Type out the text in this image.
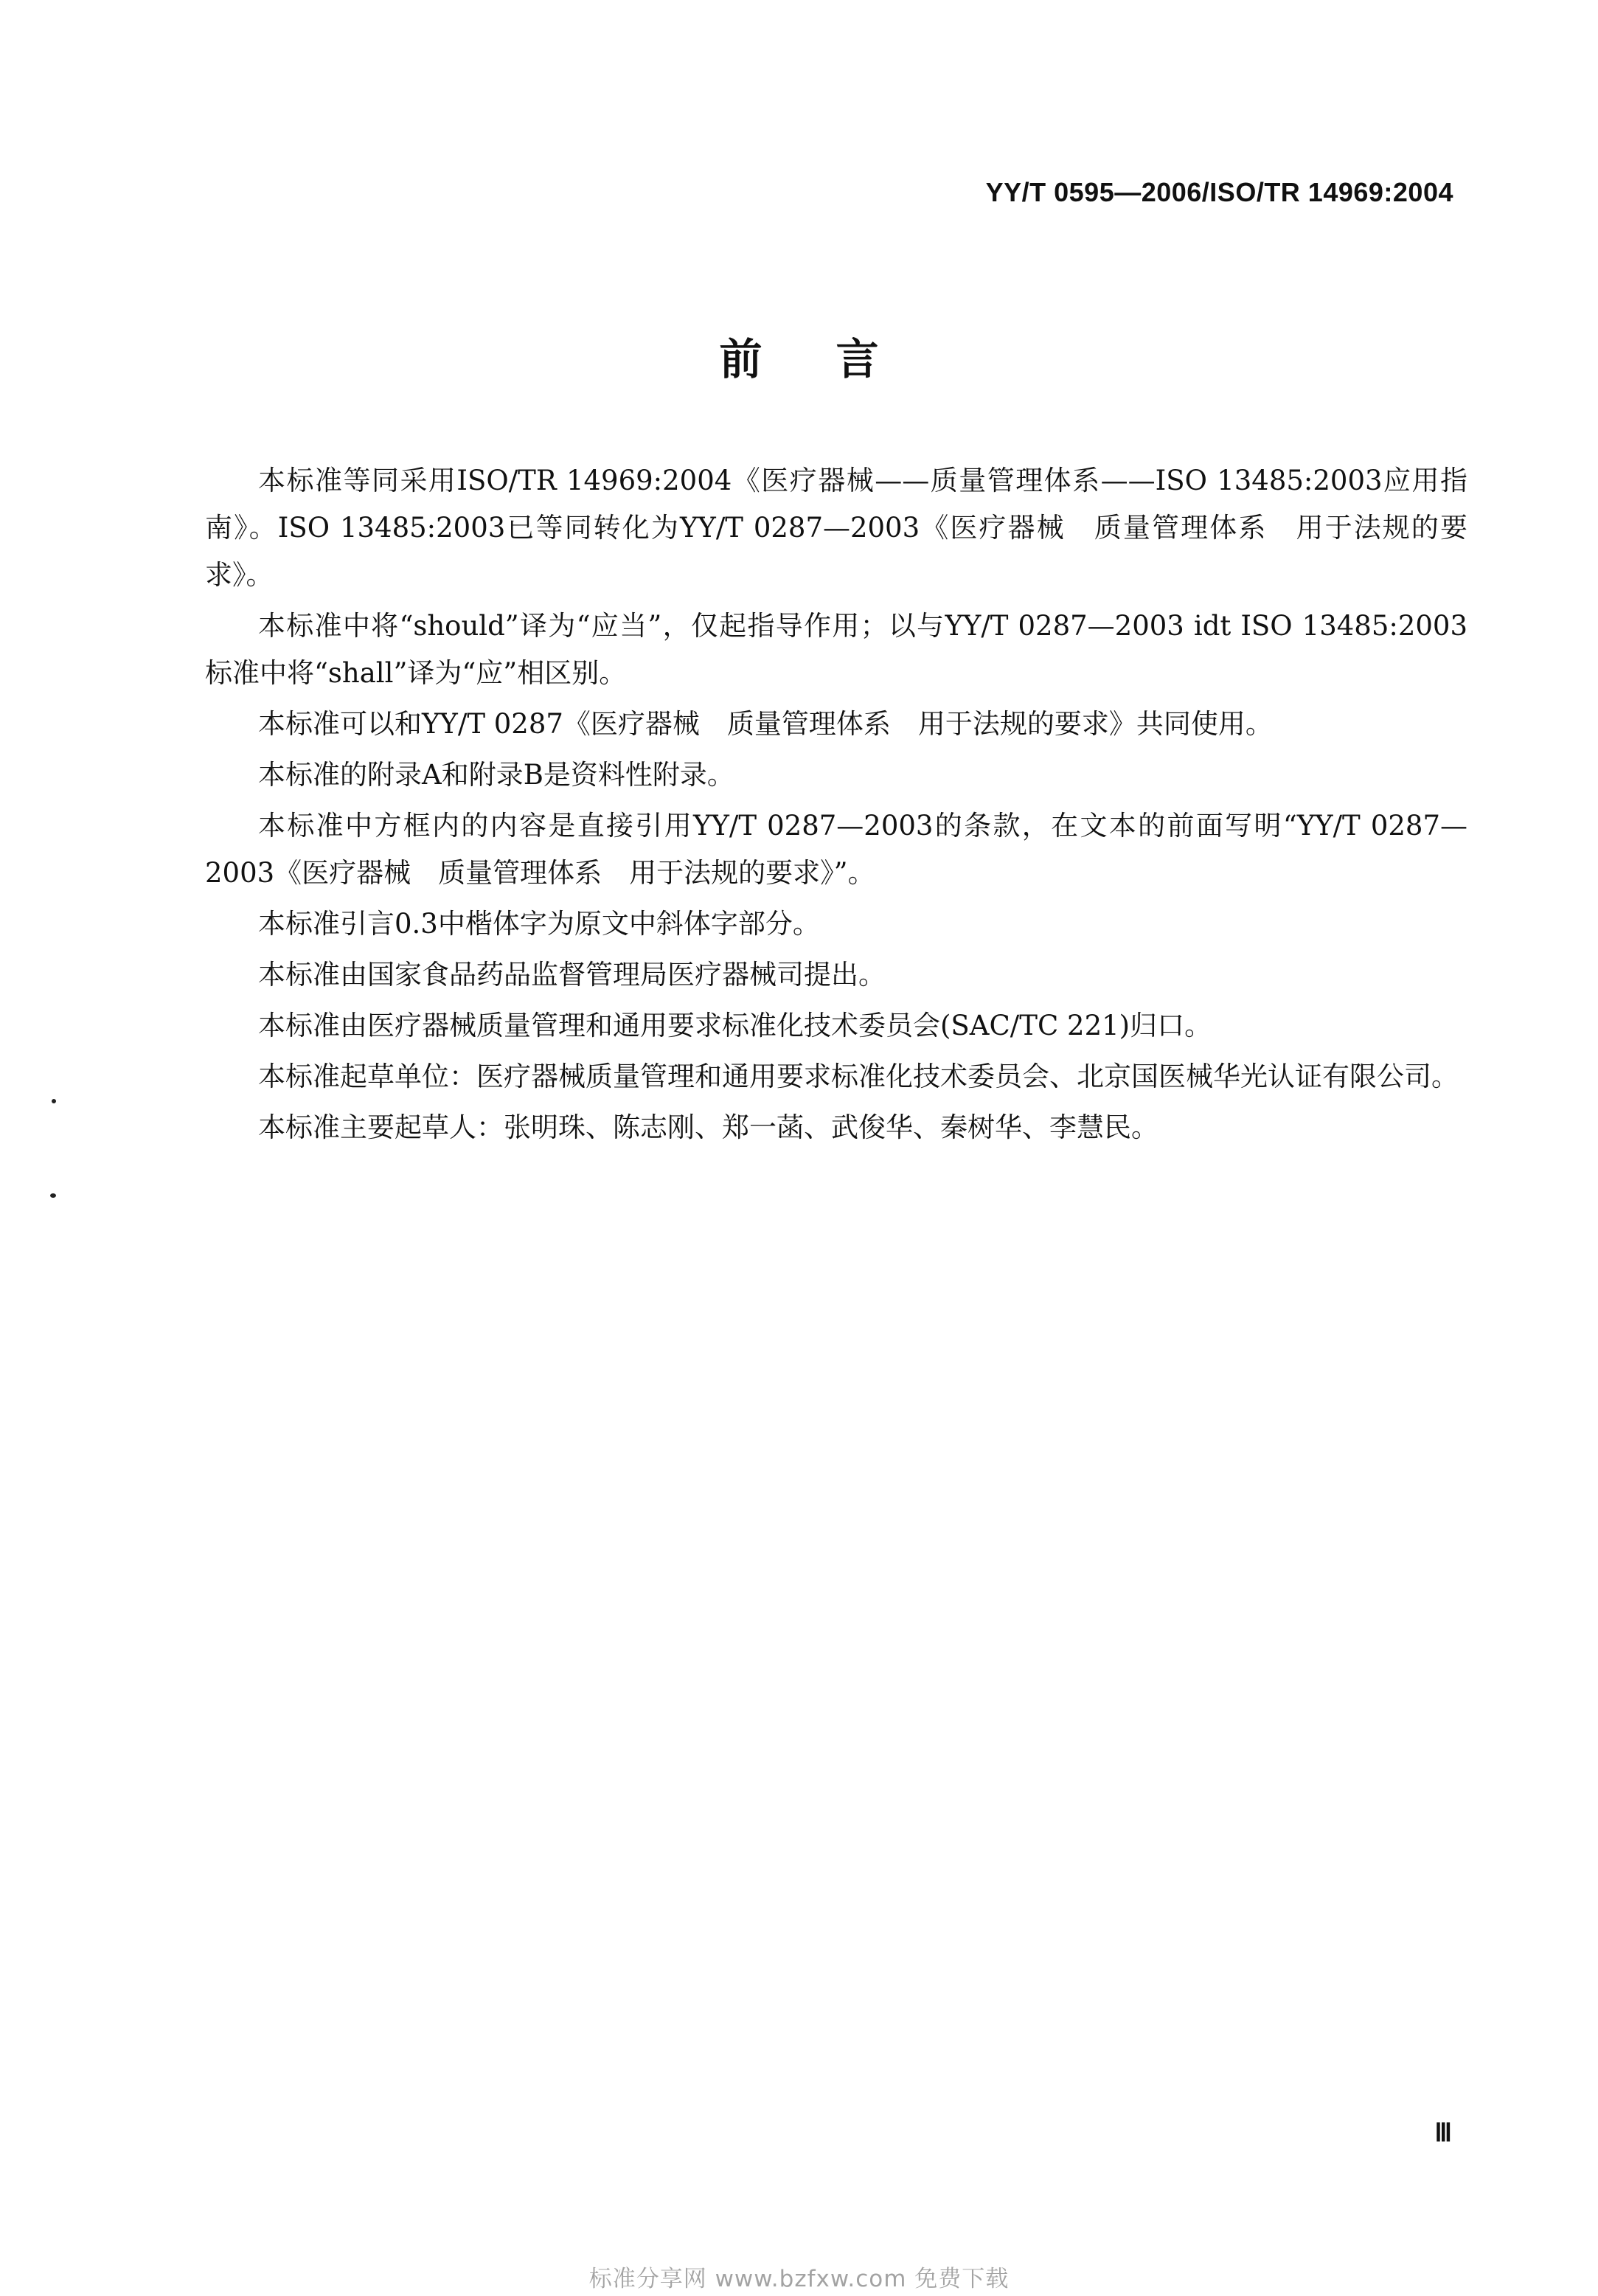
YY/T 0595—2006/ISO/TR 14969:2004
前言

本标准等同采用ISO/TR 14969:2004《医疗器械——质量管理体系——ISO 13485:2003应用指南》。ISO 13485:2003已等同转化为YY/T 0287—2003《医疗器械　质量管理体系　用于法规的要求》。

本标准中将“should”译为“应当”，仅起指导作用；以与YY/T 0287—2003 idt ISO 13485:2003标准中将“shall”译为“应”相区别。

本标准可以和YY/T 0287《医疗器械　质量管理体系　用于法规的要求》共同使用。

本标准的附录A和附录B是资料性附录。

本标准中方框内的内容是直接引用YY/T 0287—2003的条款，在文本的前面写明“YY/T 0287—2003《医疗器械　质量管理体系　用于法规的要求》”。

本标准引言0.3中楷体字为原文中斜体字部分。

本标准由国家食品药品监督管理局医疗器械司提出。

本标准由医疗器械质量管理和通用要求标准化技术委员会(SAC/TC 221)归口。

本标准起草单位：医疗器械质量管理和通用要求标准化技术委员会、北京国医械华光认证有限公司。

本标准主要起草人：张明珠、陈志刚、郑一菡、武俊华、秦树华、李慧民。

Ⅲ
标准分享网 www.bzfxw.com 免费下载
